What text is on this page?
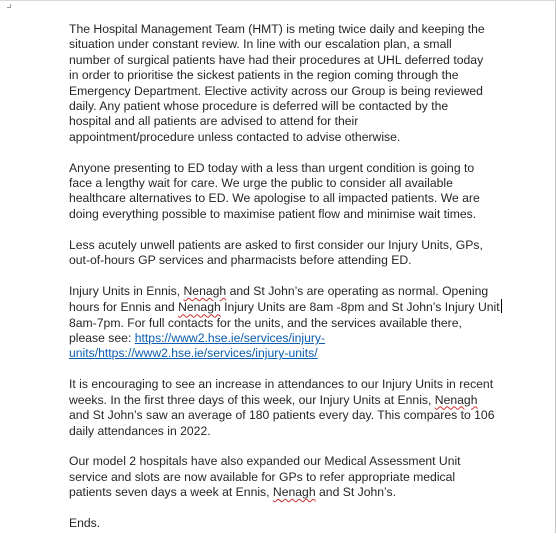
The Hospital Management Team (HMT) is meting twice daily and keeping the
situation under constant review. In line with our escalation plan, a small
number of surgical patients have had their procedures at UHL deferred today
in order to prioritise the sickest patients in the region coming through the
Emergency Department. Elective activity across our Group is being reviewed
daily. Any patient whose procedure is deferred will be contacted by the
hospital and all patients are advised to attend for their
appointment/procedure unless contacted to advise otherwise.

Anyone presenting to ED today with a less than urgent condition is going to
face a lengthy wait for care. We urge the public to consider all available
healthcare alternatives to ED. We apologise to all impacted patients. We are
doing everything possible to maximise patient flow and minimise wait times.

Less acutely unwell patients are asked to first consider our Injury Units, GPs,
out-of-hours GP services and pharmacists before attending ED.

Injury Units in Ennis, Nenagh and St John’s are operating as normal. Opening
hours for Ennis and Nenagh Injury Units are 8am -8pm and St John’s Injury Unit
8am-7pm. For full contacts for the units, and the services available there,
please see: https://www2.hse.ie/services/injury-
units/https://www2.hse.ie/services/injury-units/

It is encouraging to see an increase in attendances to our Injury Units in recent
weeks. In the first three days of this week, our Injury Units at Ennis, Nenagh
and St John’s saw an average of 180 patients every day. This compares to 106
daily attendances in 2022.

Our model 2 hospitals have also expanded our Medical Assessment Unit
service and slots are now available for GPs to refer appropriate medical
patients seven days a week at Ennis, Nenagh and St John’s.

Ends.
